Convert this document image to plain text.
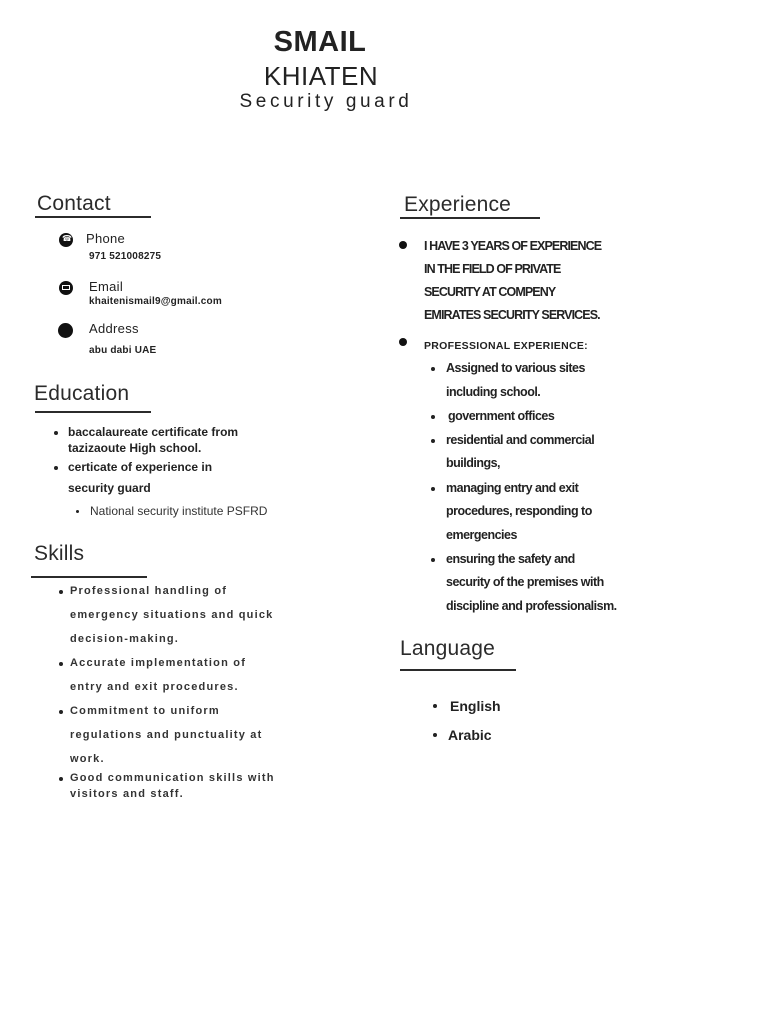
SMAIL
KHIATEN
Security guard
Contact
☎
Phone
971 521008275
Email
khaitenismail9@gmail.com
Address
abu dabi UAE
Education
baccalaureate certificate from
tazizaoute High school.
certicate of experience in
security guard
National security institute PSFRD
Skills
Professional handling of
emergency situations and quick
decision-making.
Accurate implementation of
entry and exit procedures.
Commitment to uniform
regulations and punctuality at
work.
Good communication skills with
visitors and staff.
Experience
I HAVE 3 YEARS OF EXPERIENCE
IN THE FIELD OF PRIVATE
SECURITY AT COMPENY
EMIRATES SECURITY SERVICES.
PROFESSIONAL EXPERIENCE:
Assigned to various sites
including school.
government offices
residential and commercial
buildings,
managing entry and exit
procedures, responding to
emergencies
ensuring the safety and
security of the premises with
discipline and professionalism.
Language
English
Arabic
